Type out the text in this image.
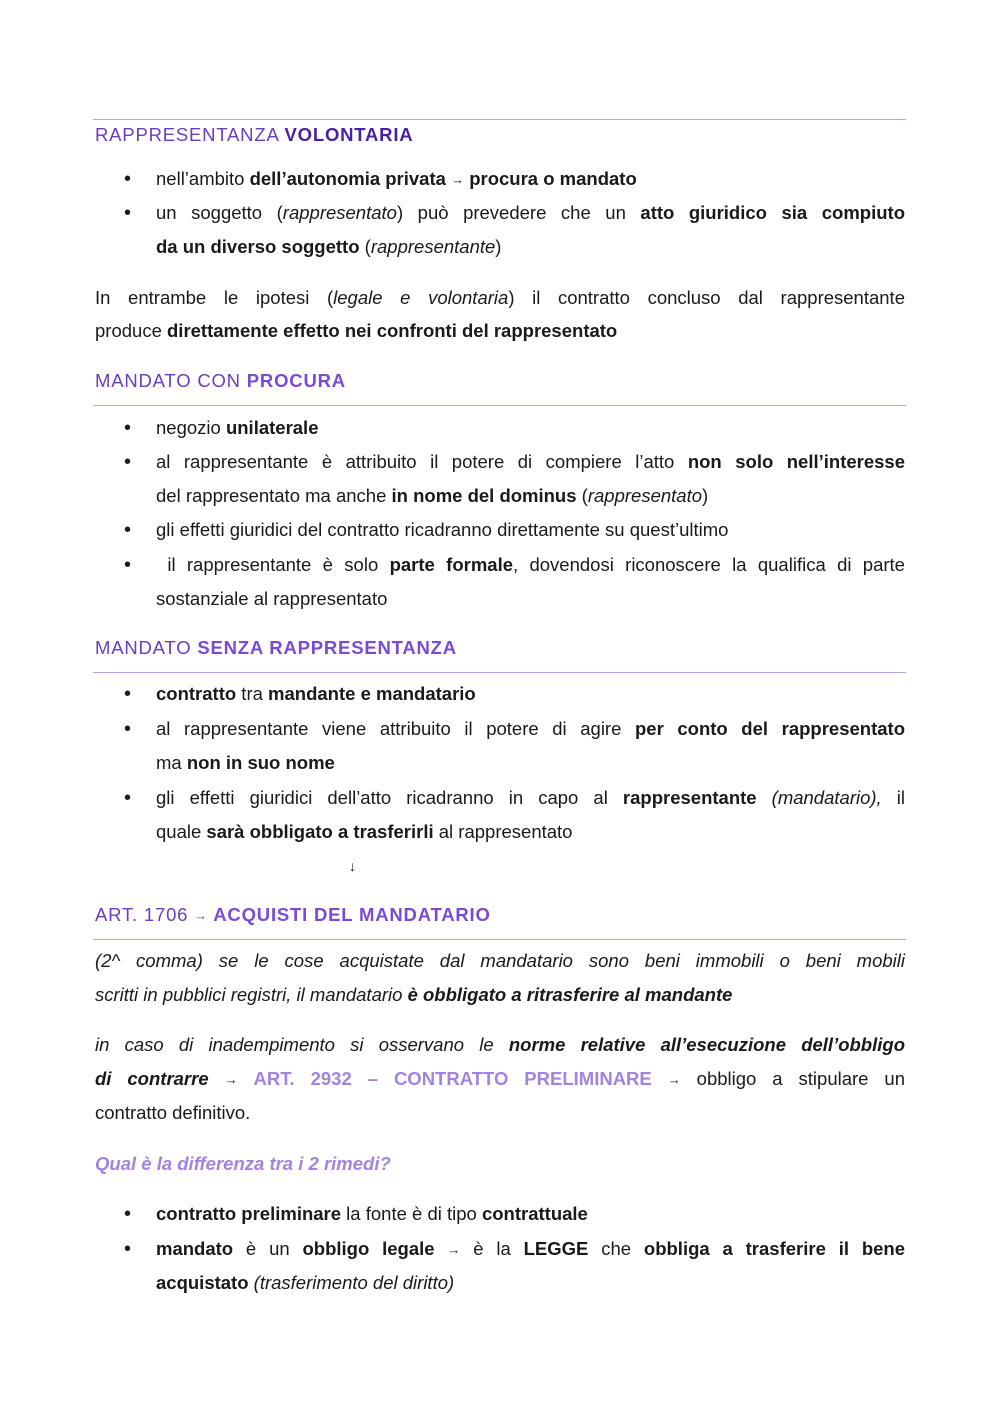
RAPPRESENTANZA VOLONTARIA
• nell’ambito dell’autonomia privata → procura o mandato
• un soggetto (rappresentato) può prevedere che un atto giuridico sia compiuto
da un diverso soggetto (rappresentante)
In entrambe le ipotesi (legale e volontaria) il contratto concluso dal rappresentante
produce direttamente effetto nei confronti del rappresentato
MANDATO CON PROCURA
• negozio unilaterale
• al rappresentante è attribuito il potere di compiere l’atto non solo nell’interesse
del rappresentato ma anche in nome del dominus (rappresentato)
• gli effetti giuridici del contratto ricadranno direttamente su quest’ultimo
• il rappresentante è solo parte formale, dovendosi riconoscere la qualifica di parte
sostanziale al rappresentato
MANDATO SENZA RAPPRESENTANZA
• contratto tra mandante e mandatario
• al rappresentante viene attribuito il potere di agire per conto del rappresentato
ma non in suo nome
• gli effetti giuridici dell’atto ricadranno in capo al rappresentante (mandatario), il
quale sarà obbligato a trasferirli al rappresentato
↓
ART. 1706 → ACQUISTI DEL MANDATARIO
(2^ comma) se le cose acquistate dal mandatario sono beni immobili o beni mobili
scritti in pubblici registri, il mandatario è obbligato a ritrasferire al mandante
in caso di inadempimento si osservano le norme relative all’esecuzione dell’obbligo
di contrarre → ART. 2932 – CONTRATTO PRELIMINARE → obbligo a stipulare un
contratto definitivo.
Qual è la differenza tra i 2 rimedi?
• contratto preliminare la fonte è di tipo contrattuale
• mandato è un obbligo legale → è la LEGGE che obbliga a trasferire il bene
acquistato (trasferimento del diritto)
